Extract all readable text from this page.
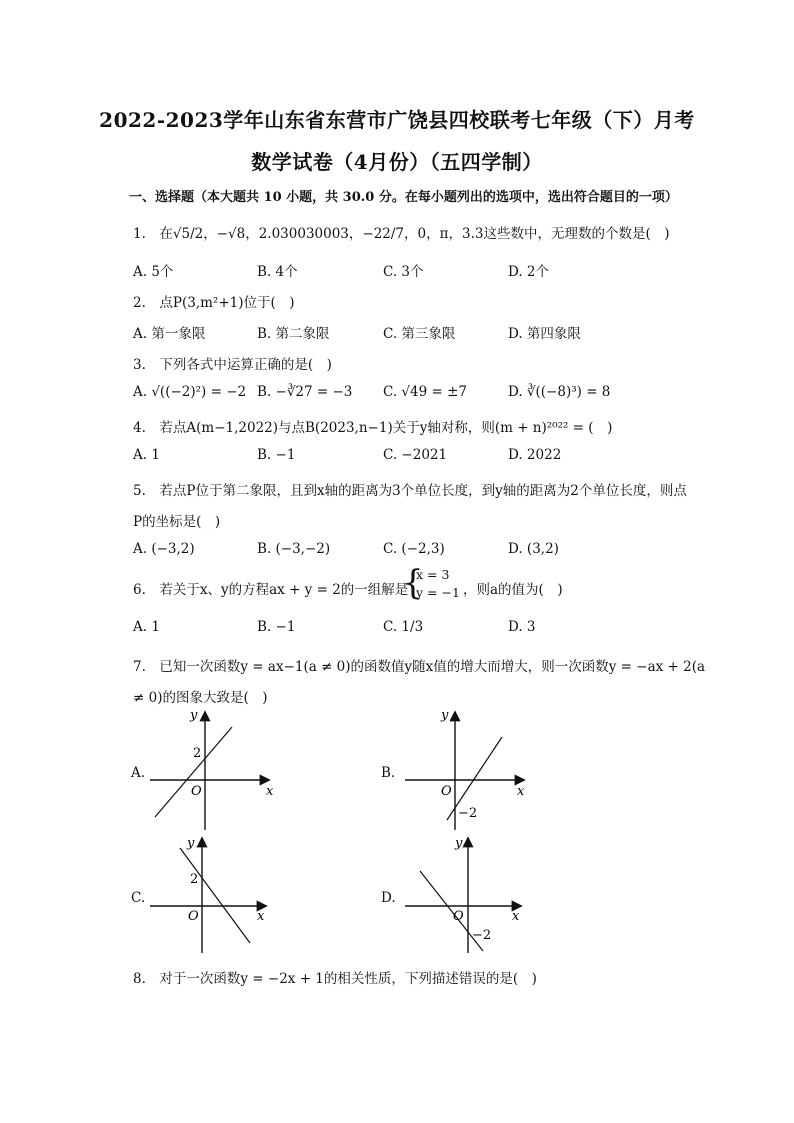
2022-2023学年山东省东营市广饶县四校联考七年级（下）月考
数学试卷（4月份）（五四学制）
一、选择题（本大题共 10 小题，共 30.0 分。在每小题列出的选项中，选出符合题目的一项）
1.　在√5/2，−√8，2.030030003，−22/7，0，π，3.3这些数中，无理数的个数是(　)
A. 5个	B. 4个	C. 3个	D. 2个
2.　点P(3,m²+1)位于(　)
A. 第一象限	B. 第二象限	C. 第三象限	D. 第四象限
3.　下列各式中运算正确的是(　)
A. √((−2)²) = −2 B. −∛27 = −3 C. √49 = ±7	D. ∛((−8)³) = 8
4.　若点A(m−1,2022)与点B(2023,n−1)关于y轴对称，则(m + n)²⁰²² = (　)
A. 1	B. −1	C. −2021	D. 2022
5.　若点P位于第二象限，且到x轴的距离为3个单位长度，到y轴的距离为2个单位长度，则点
P的坐标是(　)
A. (−3,2)	B. (−3,−2)	C. (−2,3)	D. (3,2)
6.　若关于x、y的方程ax + y = 2的一组解是
{
x = 3
y = −1 ，则a的值为(　)
A. 1	B. −1	C. 1/3	D. 3
7.　已知一次函数y = ax−1(a ≠ 0)的函数值y随x值的增大而增大，则一次函数y = −ax + 2(a
≠ 0)的图象大致是(　)
A.
y
x
O
2
B.
y
x
O
−2
C.
y
x
O
2
D.
y
x
O
−2
8.　对于一次函数y = −2x + 1的相关性质，下列描述错误的是(　)
